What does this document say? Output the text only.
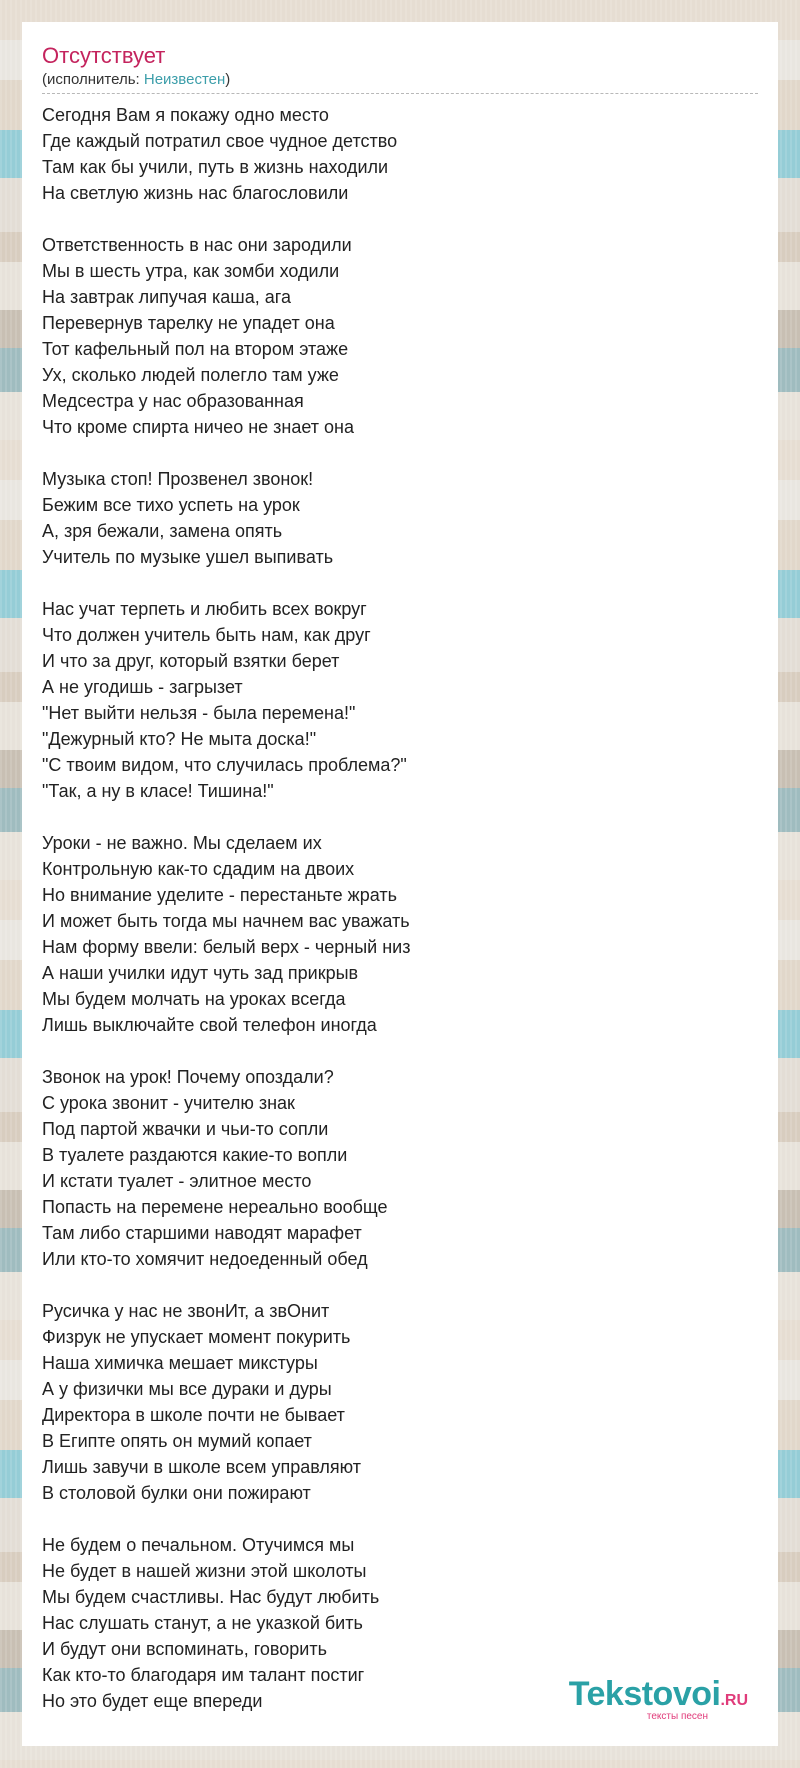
Отсутствует
(исполнитель: Неизвестен)
Сегодня Вам я покажу одно место
Где каждый потратил свое чудное детство
Там как бы учили, путь в жизнь находили
На светлую жизнь нас благословили
Ответственность в нас они зародили
Мы в шесть утра, как зомби ходили
На завтрак липучая каша, ага
Перевернув тарелку не упадет она
Тот кафельный пол на втором этаже
Ух, сколько людей полегло там уже
Медсестра у нас образованная
Что кроме спирта ничео не знает она
Музыка стоп! Прозвенел звонок!
Бежим все тихо успеть на урок
А, зря бежали, замена опять
Учитель по музыке ушел выпивать
Нас учат терпеть и любить всех вокруг
Что должен учитель быть нам, как друг
И что за друг, который взятки берет
А не угодишь - загрызет
"Нет выйти нельзя - была перемена!"
"Дежурный кто? Не мыта доска!"
"С твоим видом, что случилась проблема?"
"Так, а ну в класе! Тишина!"
Уроки - не важно. Мы сделаем их
Контрольную как-то сдадим на двоих
Но внимание уделите - перестаньте жрать
И может быть тогда мы начнем вас уважать
Нам форму ввели: белый верх - черный низ
А наши училки идут чуть зад прикрыв
Мы будем молчать на уроках всегда
Лишь выключайте свой телефон иногда
Звонок на урок! Почему опоздали?
С урока звонит - учителю знак
Под партой жвачки и чьи-то сопли
В туалете раздаются какие-то вопли
И кстати туалет - элитное место
Попасть на перемене нереально вообще
Там либо старшими наводят марафет
Или кто-то хомячит недоеденный обед
Русичка у нас не звонИт, а звОнит
Физрук не упускает момент покурить
Наша химичка мешает микстуры
А у физички мы все дураки и дуры
Директора в школе почти не бывает
В Египте опять он мумий копает
Лишь завучи в школе всем управляют
В столовой булки они пожирают
Не будем о печальном. Отучимся мы
Не будет в нашей жизни этой школоты
Мы будем счастливы. Нас будут любить
Нас слушать станут, а не указкой бить
И будут они вспоминать, говорить
Как кто-то благодаря им талант постиг
Но это будет еще впереди	Tekstovoi.RU
тексты песен
